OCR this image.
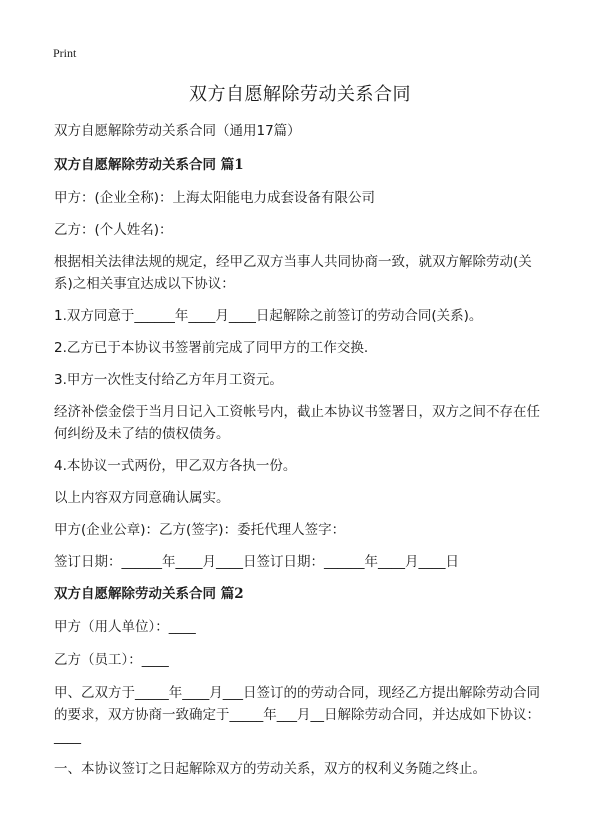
Print
双方自愿解除劳动关系合同

双方自愿解除劳动关系合同（通用17篇）

双方自愿解除劳动关系合同 篇1

甲方：(企业全称)：上海太阳能电力成套设备有限公司

乙方：(个人姓名)：

根据相关法律法规的规定，经甲乙双方当事人共同协商一致，就双方解除劳动(关系)之相关事宜达成以下协议：

1.双方同意于______年____月____日起解除之前签订的劳动合同(关系)。

2.乙方已于本协议书签署前完成了同甲方的工作交换.

3.甲方一次性支付给乙方年月工资元。

经济补偿金偿于当月日记入工资帐号内，截止本协议书签署日，双方之间不存在任何纠纷及未了结的债权债务。

4.本协议一式两份，甲乙双方各执一份。

以上内容双方同意确认属实。

甲方(企业公章)：乙方(签字)：委托代理人签字：

签订日期：______年____月____日签订日期：______年____月____日

双方自愿解除劳动关系合同 篇2

甲方（用人单位）：____

乙方（员工）：____

甲、乙双方于_____年____月___日签订的的劳动合同，现经乙方提出解除劳动合同的要求，双方协商一致确定于_____年___月__日解除劳动合同，并达成如下协议：____

一、本协议签订之日起解除双方的劳动关系，双方的权利义务随之终止。
